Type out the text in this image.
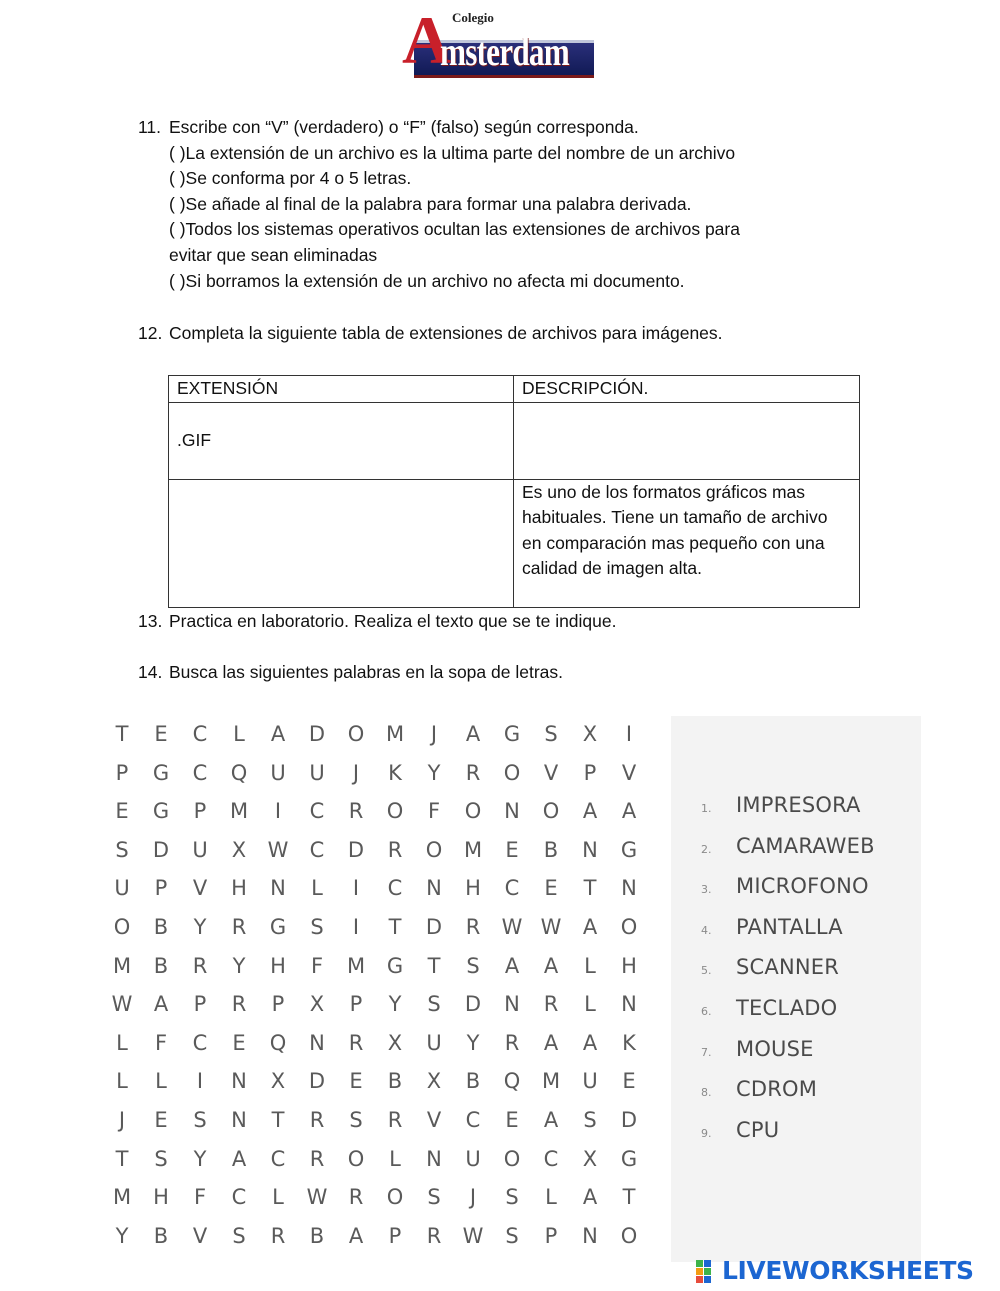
A Colegio
msterdam
11. Escribe con “V” (verdadero) o “F” (falso) según corresponda.
( )La extensión de un archivo es la ultima parte del nombre de un archivo
( )Se conforma por 4 o 5 letras.
( )Se añade al final de la palabra para formar una palabra derivada.
( )Todos los sistemas operativos ocultan las extensiones de archivos para
evitar que sean eliminadas
( )Si borramos la extensión de un archivo no afecta mi documento.
12. Completa la siguiente tabla de extensiones de archivos para imágenes.
EXTENSIÓN	DESCRIPCIÓN.
.GIF	
	Es uno de los formatos gráficos mas habituales. Tiene un tamaño de archivo en comparación mas pequeño con una calidad de imagen alta.
13. Practica en laboratorio. Realiza el texto que se te indique.
14. Busca las siguientes palabras en la sopa de letras.
T	E	C	L	A	D	O	M	J	A	G	S	X	I
P	G	C	Q	U	U	J	K	Y	R	O	V	P	V
E	G	P	M	I	C	R	O	F	O	N	O	A	A
S	D	U	X	W	C	D	R	O	M	E	B	N	G
U	P	V	H	N	L	I	C	N	H	C	E	T	N
O	B	Y	R	G	S	I	T	D	R	W W	A	O
M	B	R	Y	H	F	M	G	T	S	A	A	L	H
W	A	P	R	P	X	P	Y	S	D	N	R	L	N
L	F	C	E	Q	N	R	X	U	Y	R	A	A	K
L	L	I	N	X	D	E	B	X	B	Q	M	U	E
J	E	S	N	T	R	S	R	V	C	E	A	S	D
T	S	Y	A	C	R	O	L	N	U	O	C	X	G
M	H	F	C	L	W	R	O	S	J	S	L	A	T
Y	B	V	S	R	B	A	P	R	W	S	P	N	O
LIVEWORKSHEETS
1.	IMPRESORA
2.	CAMARAWEB
3.	MICROFONO
4.	PANTALLA
5.	SCANNER
6.	TECLADO
7.	MOUSE
8.	CDROM
9.	CPU
